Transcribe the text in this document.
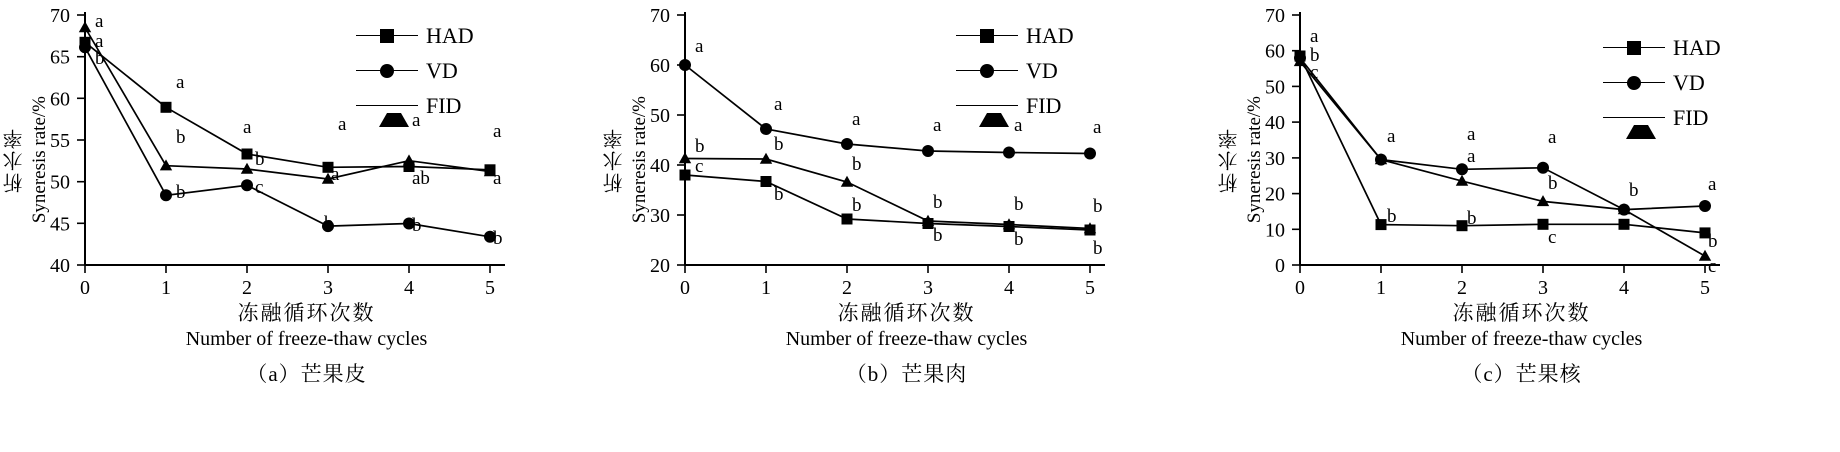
析水率 Syneresis rate/%
40
45
50
55
60
65
70
0	1	2	3	4	5
a
a
b
a
b
b
a
b
c
a
a
b
a
ab
b
a
a
b
HAD
VD
FID
冻融循环次数
Number of freeze-thaw cycles
（a）芒果皮
析水率 Syneresis rate/%
20
30
40
50
60
70
0	1	2	3	4	5
a
b
c
a
b
b
a
b
b
a
b
b
a
b
b
a
b
b
HAD
VD
FID
冻融循环次数
Number of freeze-thaw cycles
（b）芒果肉
析水率 Syneresis rate/%
0
10
20
30
40
50
60
70
0	1	2	3	4	5
a
b
c
a
b
a
a
b
a
b
c
b	a
b
c
HAD
VD
FID
冻融循环次数
Number of freeze-thaw cycles
（c）芒果核
